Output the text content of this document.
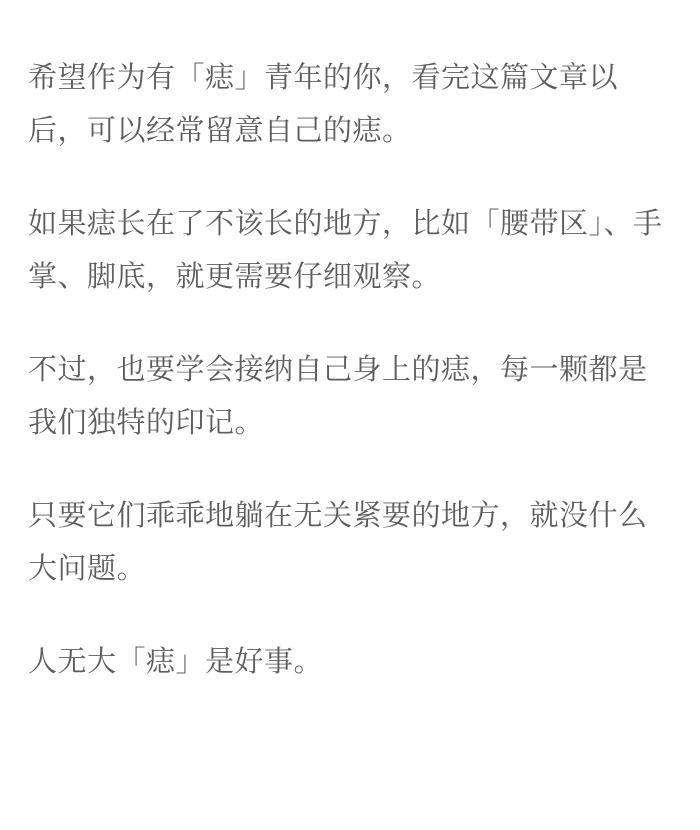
希望作为有「痣」青年的你，看完这篇文章以后，可以经常留意自己的痣。

如果痣长在了不该长的地方，比如「腰带区」、手掌、脚底，就更需要仔细观察。

不过，也要学会接纳自己身上的痣，每一颗都是我们独特的印记。

只要它们乖乖地躺在无关紧要的地方，就没什么大问题。

人无大「痣」是好事。
